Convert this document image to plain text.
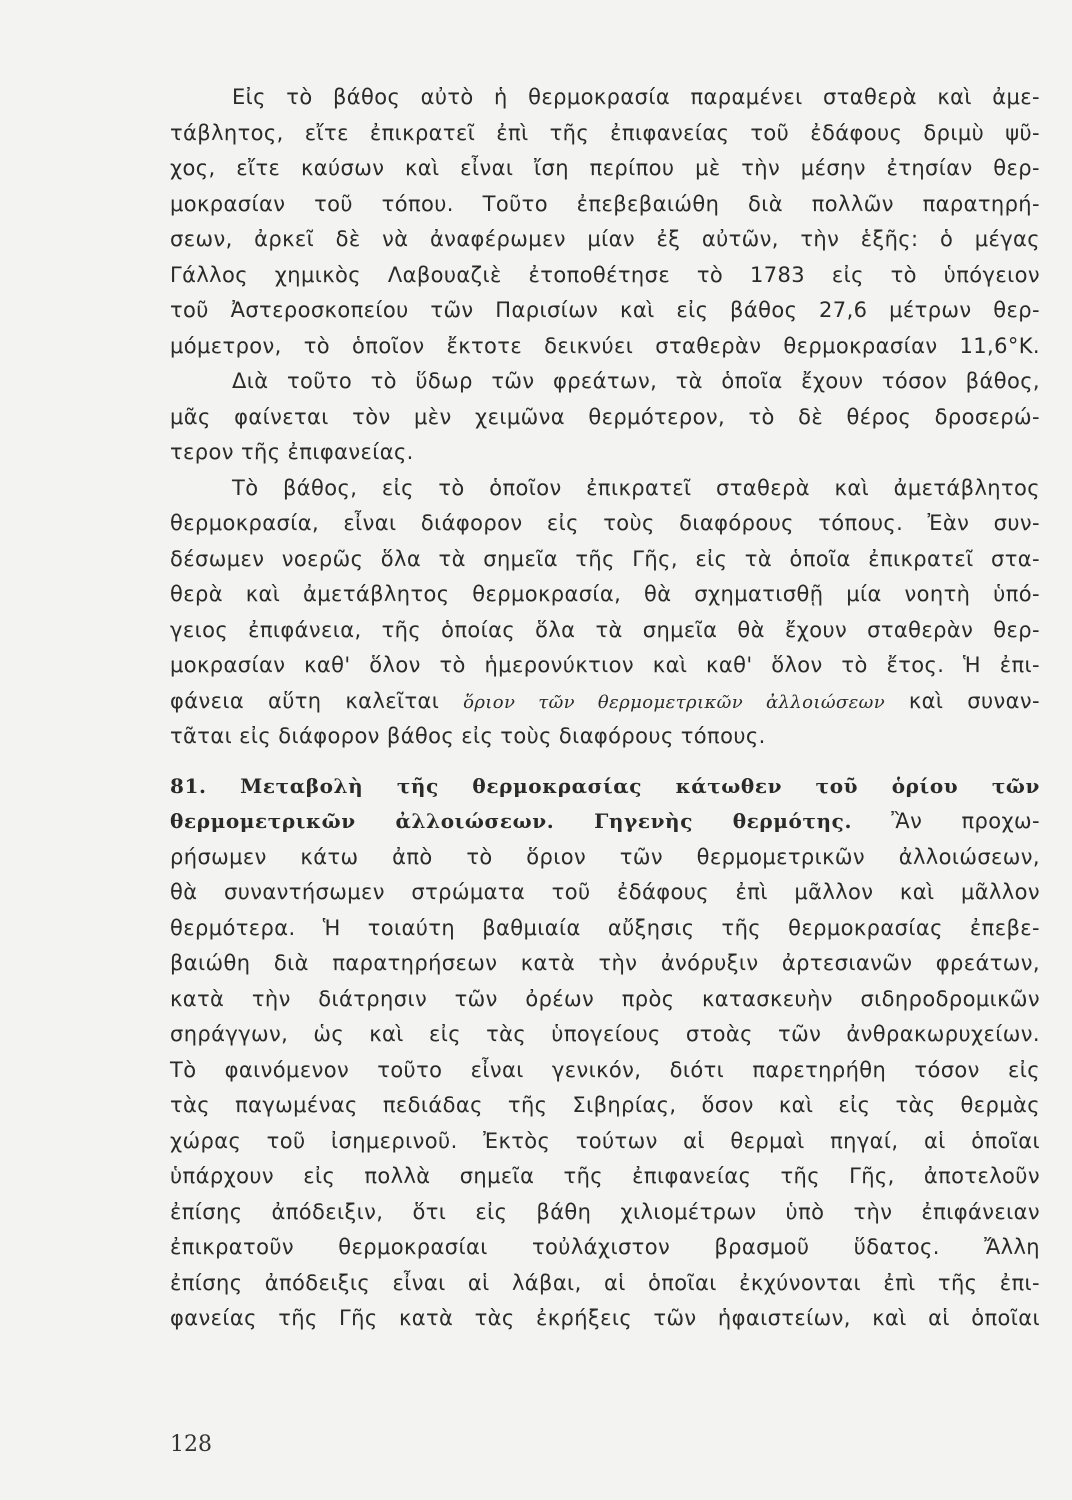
Εἰς τὸ βάθος αὐτὸ ἡ θερμοκρασία παραμένει σταθερὰ καὶ ἀμε-
τάβλητος, εἴτε ἐπικρατεῖ ἐπὶ τῆς ἐπιφανείας τοῦ ἐδάφους δριμὺ ψῦ-
χος, εἴτε καύσων καὶ εἶναι ἴση περίπου μὲ τὴν μέσην ἐτησίαν θερ-
μοκρασίαν τοῦ τόπου. Τοῦτο ἐπεβεβαιώθη διὰ πολλῶν παρατηρή-
σεων, ἀρκεῖ δὲ νὰ ἀναφέρωμεν μίαν ἐξ αὐτῶν, τὴν ἑξῆς: ὁ μέγας
Γάλλος χημικὸς Λαβουαζιὲ ἐτοποθέτησε τὸ 1783 εἰς τὸ ὑπόγειον
τοῦ Ἀστεροσκοπείου τῶν Παρισίων καὶ εἰς βάθος 27,6 μέτρων θερ-
μόμετρον, τὸ ὁποῖον ἔκτοτε δεικνύει σταθερὰν θερμοκρασίαν 11,6°Κ.
Διὰ τοῦτο τὸ ὕδωρ τῶν φρεάτων, τὰ ὁποῖα ἔχουν τόσον βάθος,
μᾶς φαίνεται τὸν μὲν χειμῶνα θερμότερον, τὸ δὲ θέρος δροσερώ-
τερον τῆς ἐπιφανείας.
Τὸ βάθος, εἰς τὸ ὁποῖον ἐπικρατεῖ σταθερὰ καὶ ἀμετάβλητος
θερμοκρασία, εἶναι διάφορον εἰς τοὺς διαφόρους τόπους. Ἐὰν συν-
δέσωμεν νοερῶς ὅλα τὰ σημεῖα τῆς Γῆς, εἰς τὰ ὁποῖα ἐπικρατεῖ στα-
θερὰ καὶ ἀμετάβλητος θερμοκρασία, θὰ σχηματισθῇ μία νοητὴ ὑπό-
γειος ἐπιφάνεια, τῆς ὁποίας ὅλα τὰ σημεῖα θὰ ἔχουν σταθερὰν θερ-
μοκρασίαν καθ' ὅλον τὸ ἡμερονύκτιον καὶ καθ' ὅλον τὸ ἔτος. Ἡ ἐπι-
φάνεια αὕτη καλεῖται ὅριον τῶν θερμομετρικῶν ἀλλοιώσεων καὶ συναν-
τᾶται εἰς διάφορον βάθος εἰς τοὺς διαφόρους τόπους.
81. Μεταβολὴ τῆς θερμοκρασίας κάτωθεν τοῦ ὁρίου τῶν
θερμομετρικῶν ἀλλοιώσεων. Γηγενὴς θερμότης. Ἂν προχω-
ρήσωμεν κάτω ἀπὸ τὸ ὅριον τῶν θερμομετρικῶν ἀλλοιώσεων,
θὰ συναντήσωμεν στρώματα τοῦ ἐδάφους ἐπὶ μᾶλλον καὶ μᾶλλον
θερμότερα. Ἡ τοιαύτη βαθμιαία αὔξησις τῆς θερμοκρασίας ἐπεβε-
βαιώθη διὰ παρατηρήσεων κατὰ τὴν ἀνόρυξιν ἀρτεσιανῶν φρεάτων,
κατὰ τὴν διάτρησιν τῶν ὀρέων πρὸς κατασκευὴν σιδηροδρομικῶν
σηράγγων, ὡς καὶ εἰς τὰς ὑπογείους στοὰς τῶν ἀνθρακωρυχείων.
Τὸ φαινόμενον τοῦτο εἶναι γενικόν, διότι παρετηρήθη τόσον εἰς
τὰς παγωμένας πεδιάδας τῆς Σιβηρίας, ὅσον καὶ εἰς τὰς θερμὰς
χώρας τοῦ ἰσημερινοῦ. Ἐκτὸς τούτων αἱ θερμαὶ πηγαί, αἱ ὁποῖαι
ὑπάρχουν εἰς πολλὰ σημεῖα τῆς ἐπιφανείας τῆς Γῆς, ἀποτελοῦν
ἐπίσης ἀπόδειξιν, ὅτι εἰς βάθη χιλιομέτρων ὑπὸ τὴν ἐπιφάνειαν
ἐπικρατοῦν θερμοκρασίαι τοὐλάχιστον βρασμοῦ ὕδατος. Ἄλλη
ἐπίσης ἀπόδειξις εἶναι αἱ λάβαι, αἱ ὁποῖαι ἐκχύνονται ἐπὶ τῆς ἐπι-
φανείας τῆς Γῆς κατὰ τὰς ἐκρήξεις τῶν ἡφαιστείων, καὶ αἱ ὁποῖαι
128
